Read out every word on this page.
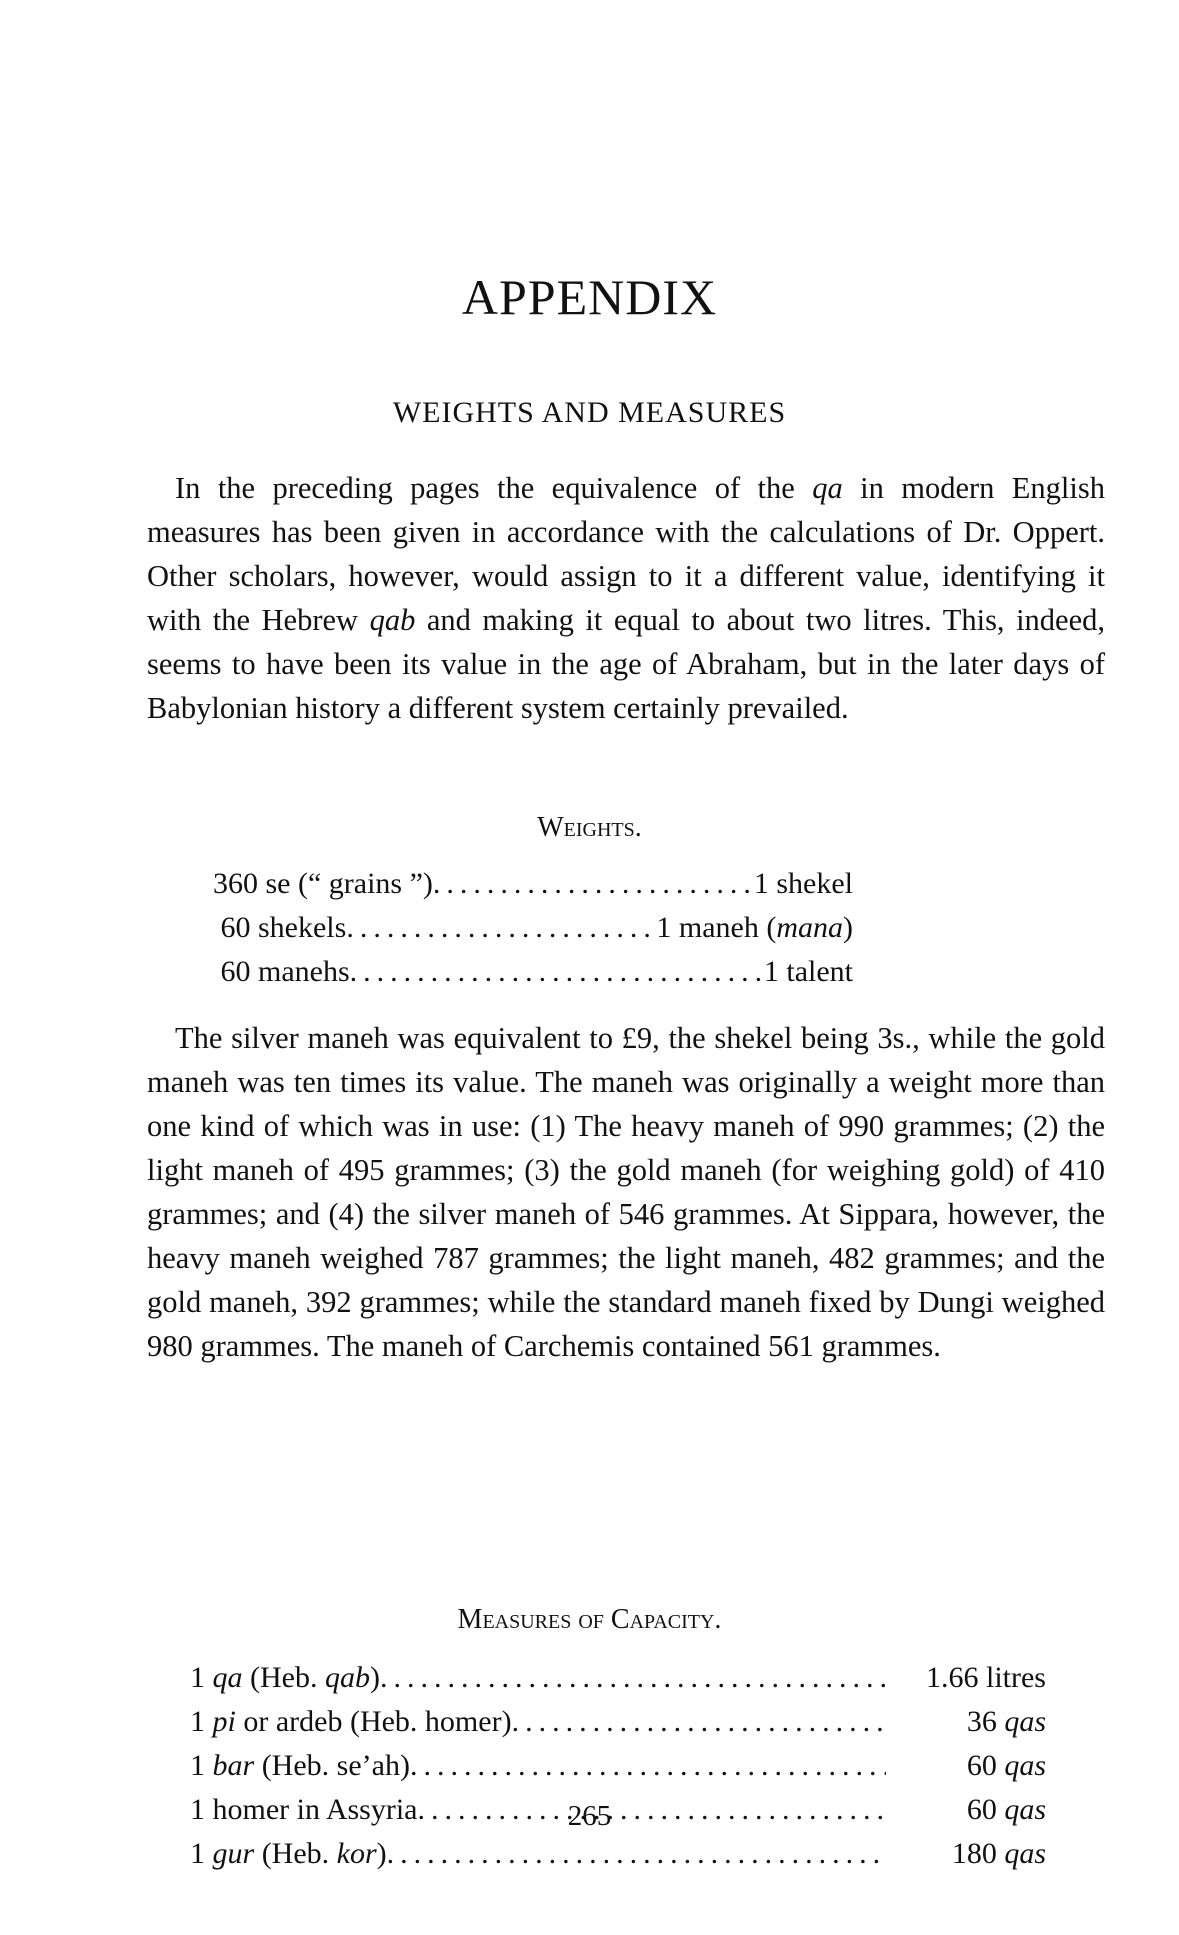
APPENDIX
WEIGHTS AND MEASURES

In the preceding pages the equivalence of the qa in modern English measures has been given in accordance with the calculations of Dr. Oppert. Other scholars, however, would assign to it a different value, identifying it with the Hebrew qab and making it equal to about two litres. This, indeed, seems to have been its value in the age of Abraham, but in the later days of Babylonian history a different system certainly prevailed.

Weights.
360 se (“ grains ”) .....	1 shekel
60 shekels .....	1 maneh (mana)
60 manehs .....	1 talent

The silver maneh was equivalent to £9, the shekel being 3s., while the gold maneh was ten times its value. The maneh was originally a weight more than one kind of which was in use: (1) The heavy maneh of 990 grammes; (2) the light maneh of 495 grammes; (3) the gold maneh (for weighing gold) of 410 grammes; and (4) the silver maneh of 546 grammes. At Sippara, however, the heavy maneh weighed 787 grammes; the light maneh, 482 grammes; and the gold maneh, 392 grammes; while the standard maneh fixed by Dungi weighed 980 grammes. The maneh of Carchemis contained 561 grammes.

Measures of Capacity.
1 qa (Heb. qab) .....	1.66 litres
1 pi or ardeb (Heb. homer) .....	36 qas
1 bar (Heb. se’ah) .....	60 qas
1 homer in Assyria .....	60 qas
1 gur (Heb. kor) .....	180 qas
265
